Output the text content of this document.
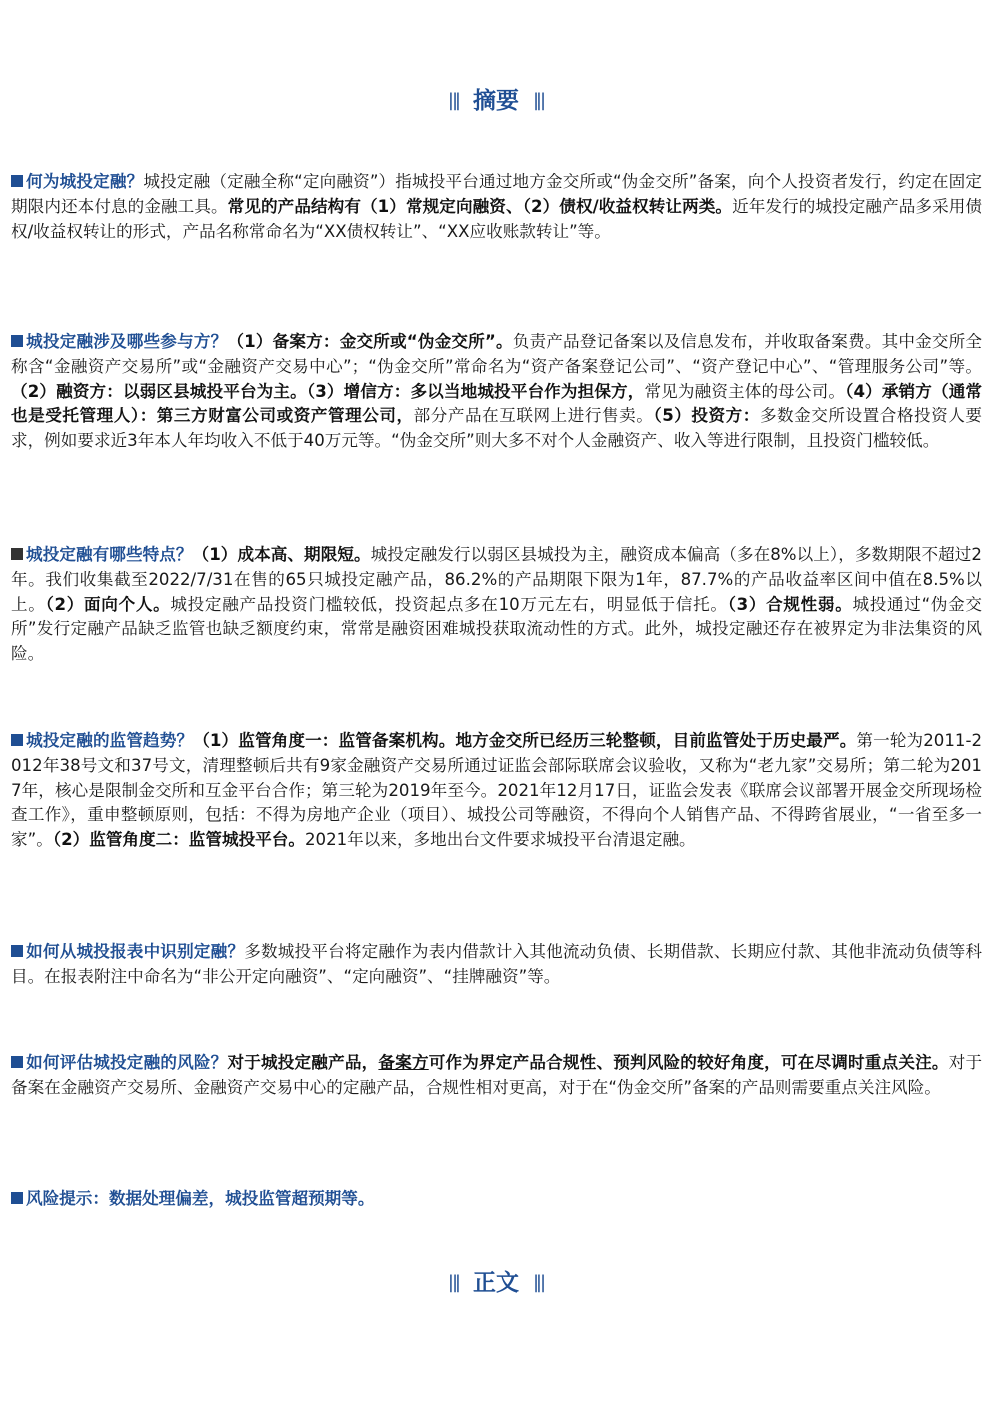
|‖ 摘要 ‖|
何为城投定融？城投定融（定融全称“定向融资”）指城投平台通过地方金交所或“伪金交所”备案，向个人投资者发行，约定在固定期限内还本付息的金融工具。常见的产品结构有（1）常规定向融资、（2）债权/收益权转让两类。近年发行的城投定融产品多采用债权/收益权转让的形式，产品名称常命名为“XX债权转让”、“XX应收账款转让”等。
城投定融涉及哪些参与方？（1）备案方：金交所或“伪金交所”。负责产品登记备案以及信息发布，并收取备案费。其中金交所全称含“金融资产交易所”或“金融资产交易中心”；“伪金交所”常命名为“资产备案登记公司”、“资产登记中心”、“管理服务公司”等。（2）融资方：以弱区县城投平台为主。（3）增信方：多以当地城投平台作为担保方，常见为融资主体的母公司。（4）承销方（通常也是受托管理人）：第三方财富公司或资产管理公司，部分产品在互联网上进行售卖。（5）投资方：多数金交所设置合格投资人要求，例如要求近3年本人年均收入不低于40万元等。“伪金交所”则大多不对个人金融资产、收入等进行限制，且投资门槛较低。
城投定融有哪些特点？（1）成本高、期限短。城投定融发行以弱区县城投为主，融资成本偏高（多在8%以上），多数期限不超过2年。我们收集截至2022/7/31在售的65只城投定融产品，86.2%的产品期限下限为1年，87.7%的产品收益率区间中值在8.5%以上。（2）面向个人。城投定融产品投资门槛较低，投资起点多在10万元左右，明显低于信托。（3）合规性弱。城投通过“伪金交所”发行定融产品缺乏监管也缺乏额度约束，常常是融资困难城投获取流动性的方式。此外，城投定融还存在被界定为非法集资的风险。
城投定融的监管趋势？（1）监管角度一：监管备案机构。地方金交所已经历三轮整顿，目前监管处于历史最严。第一轮为2011-2012年38号文和37号文，清理整顿后共有9家金融资产交易所通过证监会部际联席会议验收，又称为“老九家”交易所；第二轮为2017年，核心是限制金交所和互金平台合作；第三轮为2019年至今。2021年12月17日，证监会发表《联席会议部署开展金交所现场检查工作》，重申整顿原则，包括：不得为房地产企业（项目）、城投公司等融资，不得向个人销售产品、不得跨省展业，“一省至多一家”。（2）监管角度二：监管城投平台。2021年以来，多地出台文件要求城投平台清退定融。
如何从城投报表中识别定融？多数城投平台将定融作为表内借款计入其他流动负债、长期借款、长期应付款、其他非流动负债等科目。在报表附注中命名为“非公开定向融资”、“定向融资”、“挂牌融资”等。
如何评估城投定融的风险？对于城投定融产品，备案方可作为界定产品合规性、预判风险的较好角度，可在尽调时重点关注。对于备案在金融资产交易所、金融资产交易中心的定融产品，合规性相对更高，对于在“伪金交所”备案的产品则需要重点关注风险。
风险提示：数据处理偏差，城投监管超预期等。
|‖ 正文 ‖|
